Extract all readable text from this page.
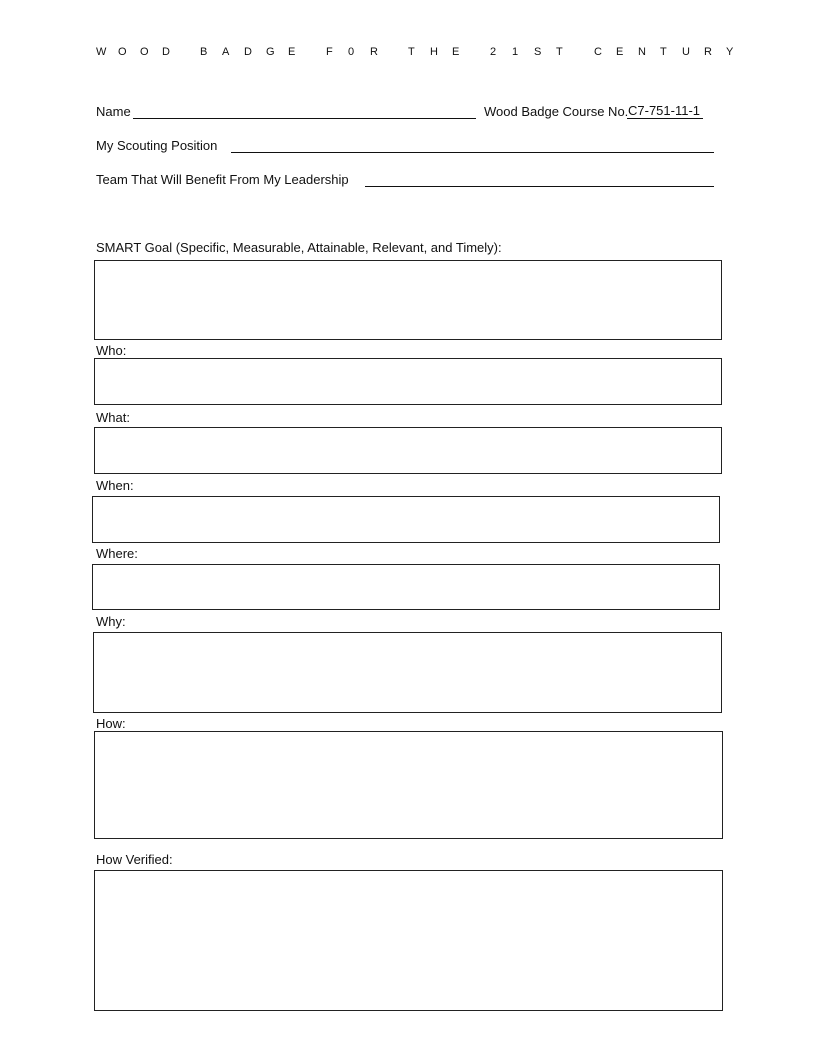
W O O D	B A D G E	F 0 R	T H E	2 1 S T	C E N T U R Y
Name	Wood Badge Course No. C7-751-11-1
My Scouting Position
Team That Will Benefit From My Leadership
SMART Goal (Specific, Measurable, Attainable, Relevant, and Timely):
Who:
What:
When:
Where:
Why:
How:
How Verified:
